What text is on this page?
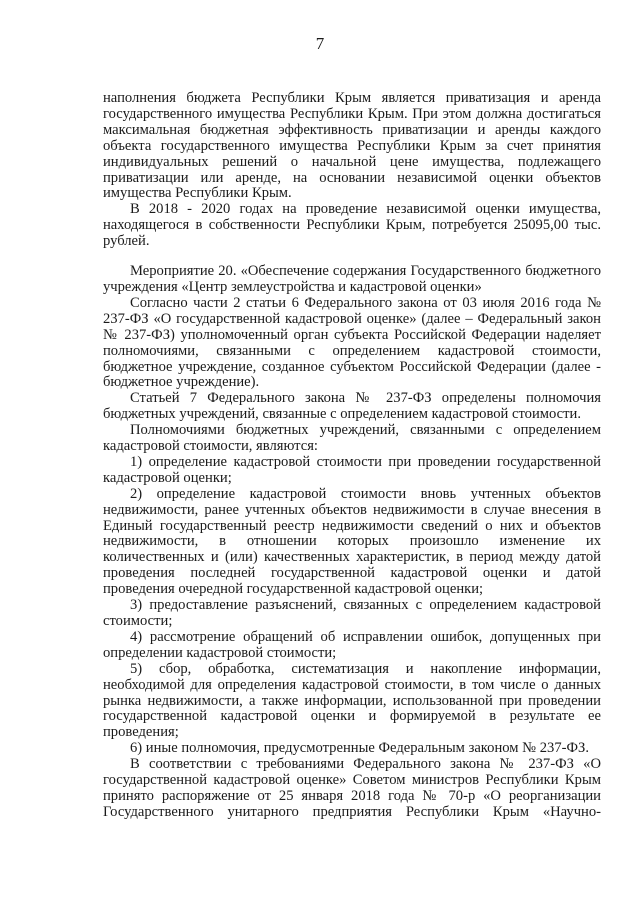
7

наполнения бюджета Республики Крым является приватизация и аренда государственного имущества Республики Крым. При этом должна достигаться максимальная бюджетная эффективность приватизации и аренды каждого объекта государственного имущества Республики Крым за счет принятия индивидуальных решений о начальной цене имущества, подлежащего приватизации или аренде, на основании независимой оценки объектов имущества Республики Крым.

В 2018 - 2020 годах на проведение независимой оценки имущества, находящегося в собственности Республики Крым, потребуется 25095,00 тыс. рублей.

Мероприятие 20. «Обеспечение содержания Государственного бюджетного учреждения «Центр землеустройства и кадастровой оценки»

Согласно части 2 статьи 6 Федерального закона от 03 июля 2016 года № 237-ФЗ «О государственной кадастровой оценке» (далее – Федеральный закон № 237-ФЗ) уполномоченный орган субъекта Российской Федерации наделяет полномочиями, связанными с определением кадастровой стоимости, бюджетное учреждение, созданное субъектом Российской Федерации (далее - бюджетное учреждение).

Статьей 7 Федерального закона № 237-ФЗ определены полномочия бюджетных учреждений, связанные с определением кадастровой стоимости.

Полномочиями бюджетных учреждений, связанными с определением кадастровой стоимости, являются:

1) определение кадастровой стоимости при проведении государственной кадастровой оценки;

2) определение кадастровой стоимости вновь учтенных объектов недвижимости, ранее учтенных объектов недвижимости в случае внесения в Единый государственный реестр недвижимости сведений о них и объектов недвижимости, в отношении которых произошло изменение их количественных и (или) качественных характеристик, в период между датой проведения последней государственной кадастровой оценки и датой проведения очередной государственной кадастровой оценки;

3) предоставление разъяснений, связанных с определением кадастровой стоимости;

4) рассмотрение обращений об исправлении ошибок, допущенных при определении кадастровой стоимости;

5) сбор, обработка, систематизация и накопление информации, необходимой для определения кадастровой стоимости, в том числе о данных рынка недвижимости, а также информации, использованной при проведении государственной кадастровой оценки и формируемой в результате ее проведения;

6) иные полномочия, предусмотренные Федеральным законом № 237-ФЗ.

В соответствии с требованиями Федерального закона № 237-ФЗ «О государственной кадастровой оценке» Советом министров Республики Крым принято распоряжение от 25 января 2018 года № 70-р «О реорганизации Государственного унитарного предприятия Республики Крым «Научно-
